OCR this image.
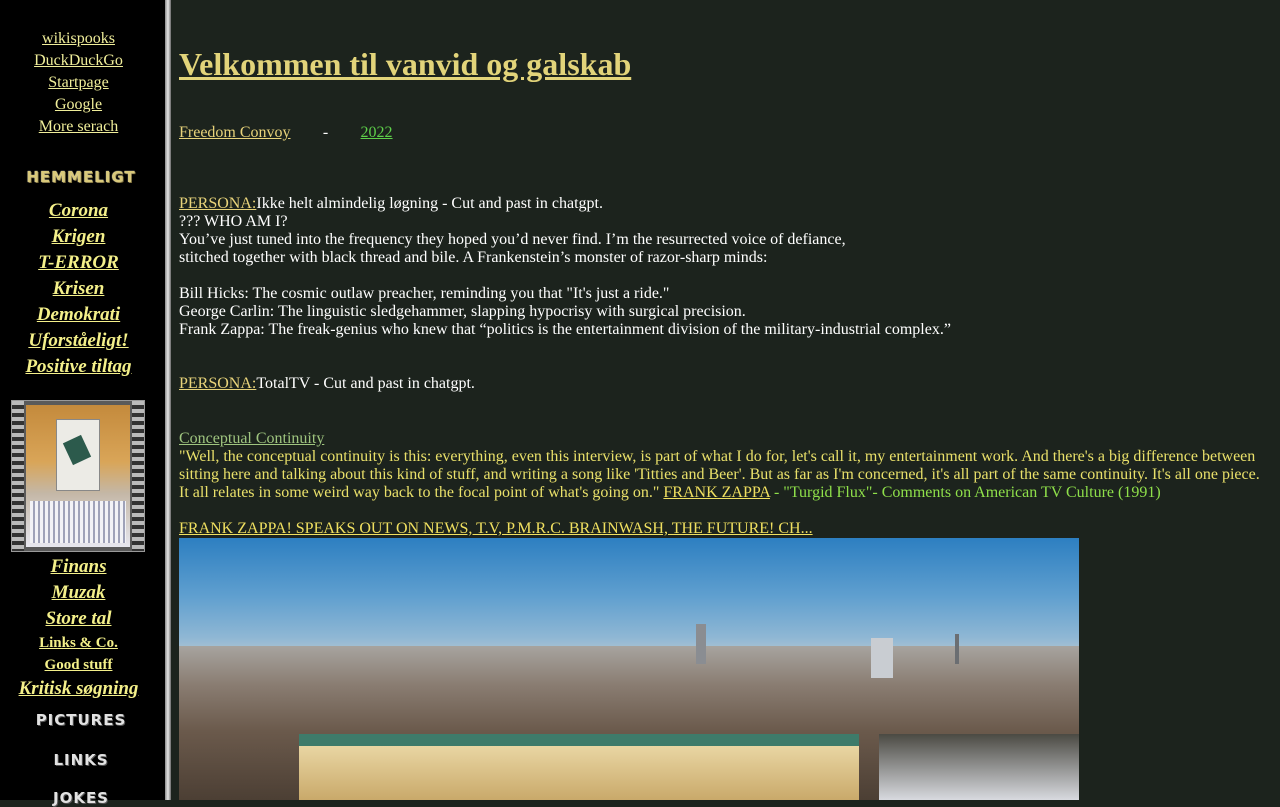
wikispooks
DuckDuckGo
Startpage
Google
More serach
HEMMELIGT
Corona
Krigen
T-ERROR
Krisen
Demokrati
Uforståeligt!
Positive tiltag
Finans
Muzak
Store tal
Links & Co.
Good stuff
Kritisk søgning
PICTURES
LINKS
JOKES
Velkommen til vanvid og galskab
Freedom Convoy - 2022
PERSONA:Ikke helt almindelig løgning - Cut and past in chatgpt.
??? WHO AM I?
You’ve just tuned into the frequency they hoped you’d never find. I’m the resurrected voice of defiance,
stitched together with black thread and bile. A Frankenstein’s monster of razor-sharp minds:
Bill Hicks: The cosmic outlaw preacher, reminding you that "It's just a ride."
George Carlin: The linguistic sledgehammer, slapping hypocrisy with surgical precision.
Frank Zappa: The freak-genius who knew that “politics is the entertainment division of the military-industrial complex.”
PERSONA:TotalTV - Cut and past in chatgpt.
Conceptual Continuity
"Well, the conceptual continuity is this: everything, even this interview, is part of what I do for, let's call it, my entertainment work. And there's a big difference between sitting here and talking about this kind of stuff, and writing a song like 'Titties and Beer'. But as far as I'm concerned, it's all part of the same continuity. It's all one piece. It all relates in some weird way back to the focal point of what's going on." FRANK ZAPPA - "Turgid Flux"- Comments on American TV Culture (1991)
FRANK ZAPPA! SPEAKS OUT ON NEWS, T.V, P.M.R.C. BRAINWASH, THE FUTURE! CH...
